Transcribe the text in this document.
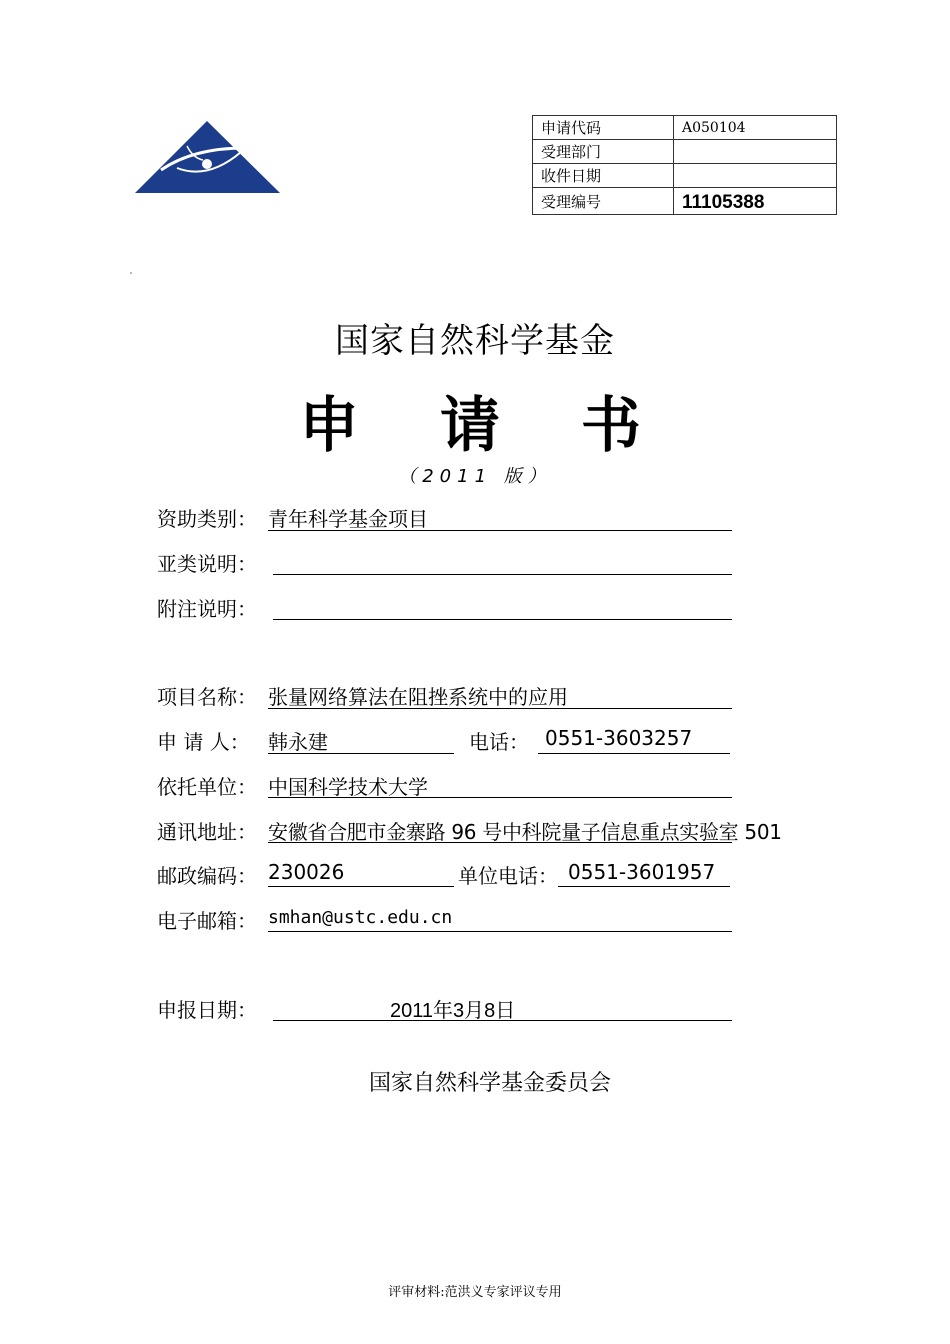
申请代码	A050104
受理部门	
收件日期	
受理编号	11105388
国家自然科学基金
申 请 书
（2011 版）
资助类别： 青年科学基金项目
亚类说明：
附注说明：
项目名称： 张量网络算法在阻挫系统中的应用
申 请 人： 韩永建	电话： 0551-3603257
依托单位： 中国科学技术大学
通讯地址： 安徽省合肥市金寨路 96 号中科院量子信息重点实验室 501
邮政编码： 230026	单位电话： 0551-3601957
电子邮箱： smhan@ustc.edu.cn
申报日期：	2011年3月8日
国家自然科学基金委员会
评审材料:范洪义专家评议专用
